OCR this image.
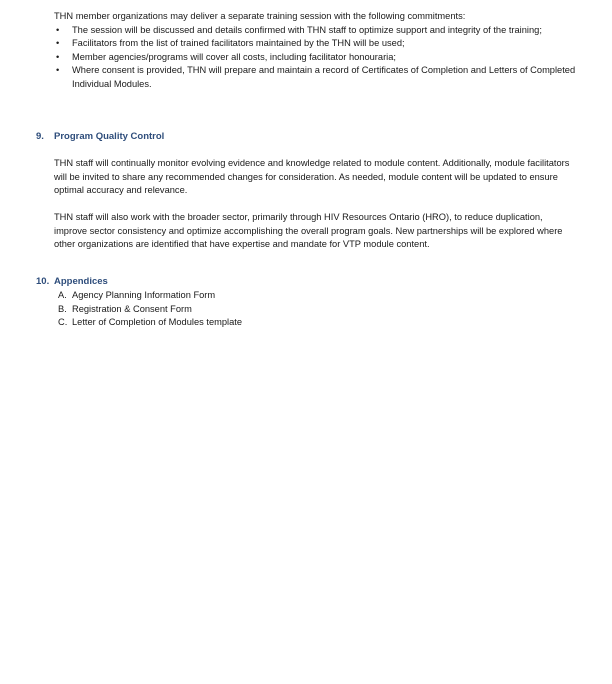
THN member organizations may deliver a separate training session with the following commitments:

• The session will be discussed and details confirmed with THN staff to optimize support and integrity of the training;
• Facilitators from the list of trained facilitators maintained by the THN will be used;
• Member agencies/programs will cover all costs, including facilitator honouraria;
• Where consent is provided, THN will prepare and maintain a record of Certificates of Completion and Letters of Completed Individual Modules.
9. Program Quality Control

THN staff will continually monitor evolving evidence and knowledge related to module content. Additionally, module facilitators will be invited to share any recommended changes for consideration. As needed, module content will be updated to ensure optimal accuracy and relevance.

THN staff will also work with the broader sector, primarily through HIV Resources Ontario (HRO), to reduce duplication, improve sector consistency and optimize accomplishing the overall program goals. New partnerships will be explored where other organizations are identified that have expertise and mandate for VTP module content.

10. Appendices
A. Agency Planning Information Form
B. Registration & Consent Form
C. Letter of Completion of Modules template
